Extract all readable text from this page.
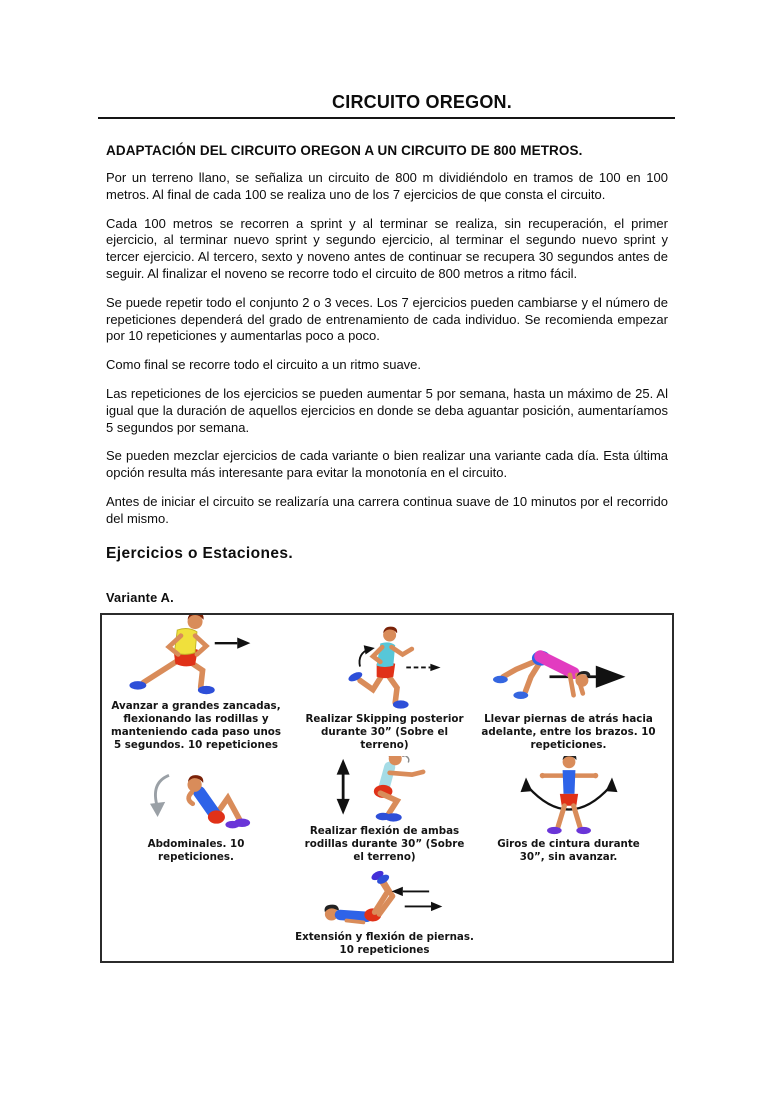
CIRCUITO OREGON.
ADAPTACIÓN DEL CIRCUITO OREGON A UN CIRCUITO DE 800 METROS.

Por un terreno llano, se señaliza un circuito de 800 m dividiéndolo en tramos de 100 en 100 metros. Al final de cada 100 se realiza uno de los 7 ejercicios de que consta el circuito.

Cada 100 metros se recorren a sprint y al terminar se realiza, sin recuperación, el primer ejercicio, al terminar nuevo sprint y segundo ejercicio, al terminar el segundo nuevo sprint y tercer ejercicio. Al tercero, sexto y noveno antes de continuar se recupera 30 segundos antes de seguir. Al finalizar el noveno se recorre todo el circuito de 800 metros a ritmo fácil.

Se puede repetir todo el conjunto 2 o 3 veces. Los 7 ejercicios pueden cambiarse y el número de repeticiones dependerá del grado de entrenamiento de cada individuo. Se recomienda empezar por 10 repeticiones y aumentarlas poco a poco.

Como final se recorre todo el circuito a un ritmo suave.

Las repeticiones de los ejercicios se pueden aumentar 5 por semana, hasta un máximo de 25. Al igual que la duración de aquellos ejercicios en donde se deba aguantar posición, aumentaríamos 5 segundos por semana.

Se pueden mezclar ejercicios de cada variante o bien realizar una variante cada día. Esta última opción resulta más interesante para evitar la monotonía en el circuito.

Antes de iniciar el circuito se realizaría una carrera continua suave de 10 minutos por el recorrido del mismo.

Ejercicios o Estaciones.
Variante A.
Avanzar a grandes zancadas, flexionando las rodillas y manteniendo cada paso unos 5 segundos. 10 repeticiones
Realizar Skipping posterior durante 30” (Sobre el terreno)
Llevar piernas de atrás hacia adelante, entre los brazos. 10 repeticiones.
Abdominales. 10 repeticiones.
Realizar flexión de ambas rodillas durante 30” (Sobre el terreno)
Giros de cintura durante 30”, sin avanzar.
Extensión y flexión de piernas. 10 repeticiones
